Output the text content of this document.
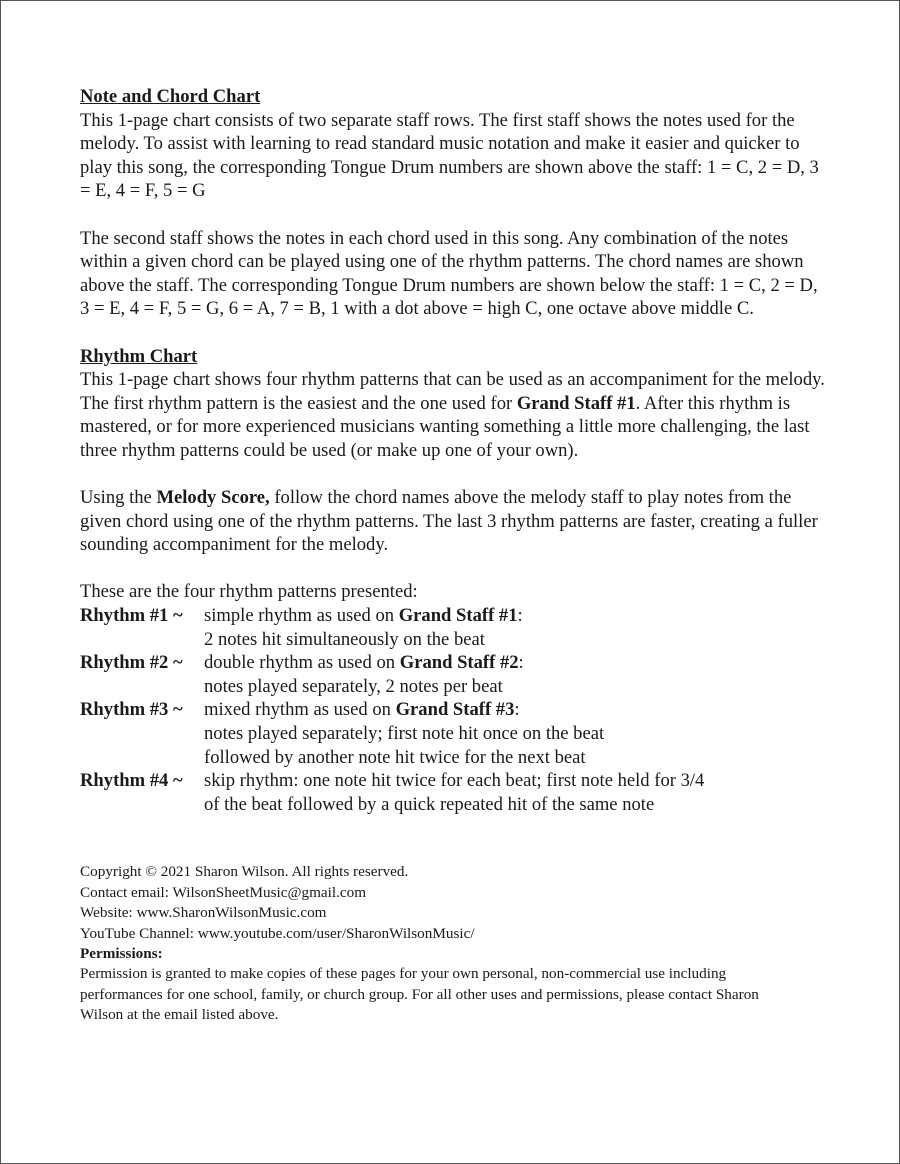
Note and Chord Chart

This 1-page chart consists of two separate staff rows. The first staff shows the notes used for the melody. To assist with learning to read standard music notation and make it easier and quicker to play this song, the corresponding Tongue Drum numbers are shown above the staff: 1 = C, 2 = D, 3 = E, 4 = F, 5 = G

The second staff shows the notes in each chord used in this song. Any combination of the notes within a given chord can be played using one of the rhythm patterns. The chord names are shown above the staff. The corresponding Tongue Drum numbers are shown below the staff: 1 = C, 2 = D, 3 = E, 4 = F, 5 = G, 6 = A, 7 = B, 1 with a dot above = high C, one octave above middle C.

Rhythm Chart

This 1-page chart shows four rhythm patterns that can be used as an accompaniment for the melody. The first rhythm pattern is the easiest and the one used for Grand Staff #1. After this rhythm is mastered, or for more experienced musicians wanting something a little more challenging, the last three rhythm patterns could be used (or make up one of your own).

Using the Melody Score, follow the chord names above the melody staff to play notes from the given chord using one of the rhythm patterns. The last 3 rhythm patterns are faster, creating a fuller sounding accompaniment for the melody.

These are the four rhythm patterns presented:

Rhythm #1 ~	simple rhythm as used on Grand Staff #1:
2 notes hit simultaneously on the beat
Rhythm #2 ~	double rhythm as used on Grand Staff #2:
notes played separately, 2 notes per beat
Rhythm #3 ~	mixed rhythm as used on Grand Staff #3:
notes played separately; first note hit once on the beat
followed by another note hit twice for the next beat
Rhythm #4 ~	skip rhythm: one note hit twice for each beat; first note held for 3/4
of the beat followed by a quick repeated hit of the same note

Copyright © 2021 Sharon Wilson. All rights reserved.

Contact email: WilsonSheetMusic@gmail.com

Website: www.SharonWilsonMusic.com

YouTube Channel: www.youtube.com/user/SharonWilsonMusic/

Permissions:

Permission is granted to make copies of these pages for your own personal, non-commercial use including performances for one school, family, or church group. For all other uses and permissions, please contact Sharon Wilson at the email listed above.
